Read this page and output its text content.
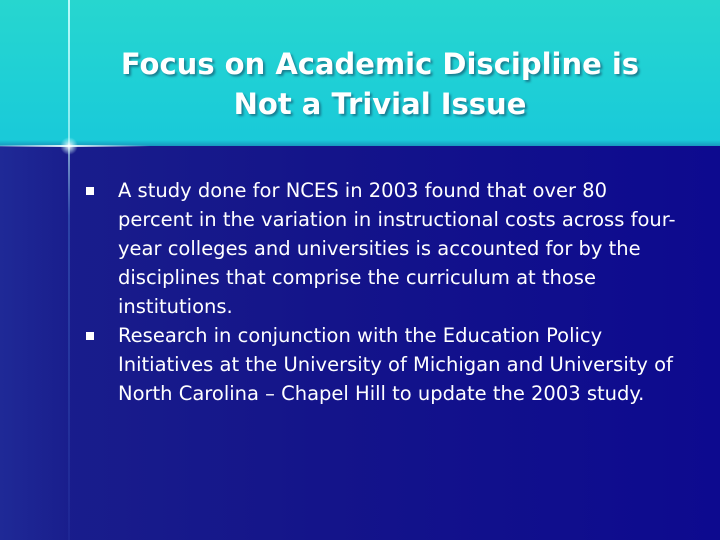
Focus on Academic Discipline is
Not a Trivial Issue
A study done for NCES in 2003 found that over 80 percent in the variation in instructional costs across four-year colleges and universities is accounted for by the disciplines that comprise the curriculum at those institutions.
Research in conjunction with the Education Policy Initiatives at the University of Michigan and University of North Carolina – Chapel Hill to update the 2003 study.
